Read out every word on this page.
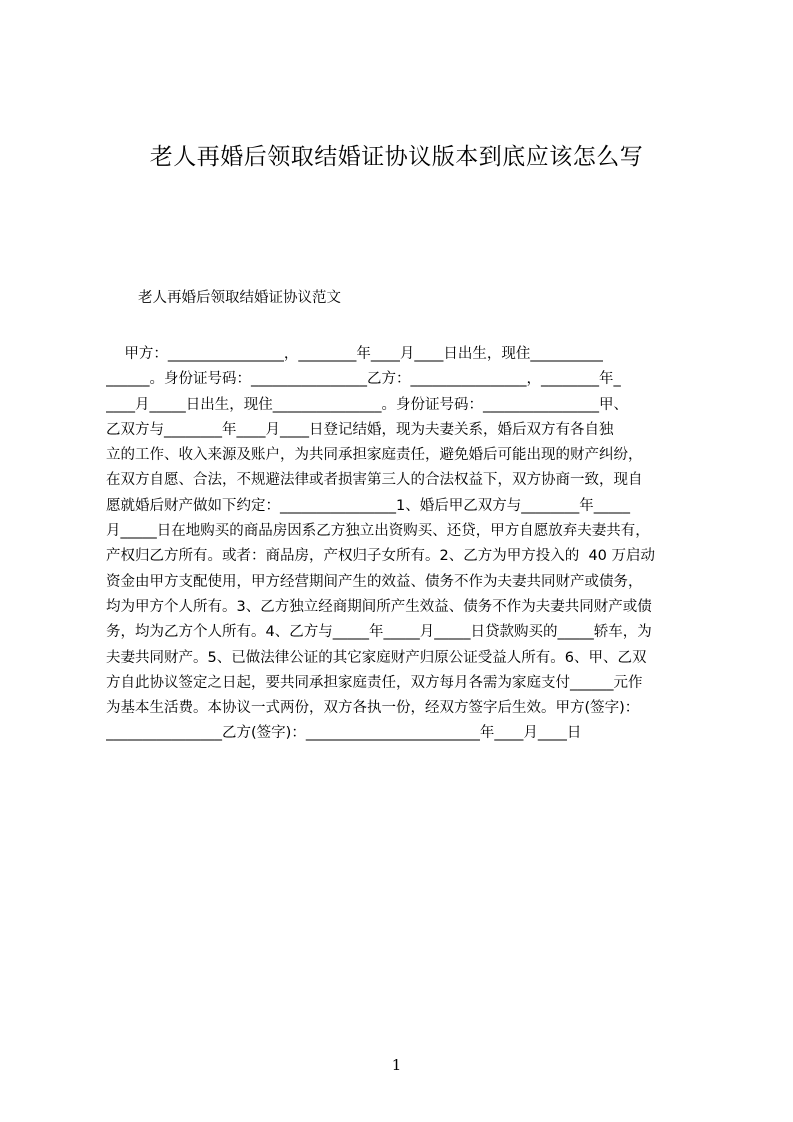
老人再婚后领取结婚证协议版本到底应该怎么写
老人再婚后领取结婚证协议范文
甲方：________________，________年____月____日出生，现住__________
______。身份证号码：________________乙方：________________，________年_
____月_____日出生，现住_______________。身份证号码：________________甲、
乙双方与________年____月____日登记结婚，现为夫妻关系，婚后双方有各自独
立的工作、收入来源及账户，为共同承担家庭责任，避免婚后可能出现的财产纠纷，
在双方自愿、合法，不规避法律或者损害第三人的合法权益下，双方协商一致，现自
愿就婚后财产做如下约定：________________1、婚后甲乙双方与________年_____
月_____日在地购买的商品房因系乙方独立出资购买、还贷，甲方自愿放弃夫妻共有，
产权归乙方所有。或者：商品房，产权归子女所有。2、乙方为甲方投入的  40 万启动
资金由甲方支配使用，甲方经营期间产生的效益、债务不作为夫妻共同财产或债务，
均为甲方个人所有。3、乙方独立经商期间所产生效益、债务不作为夫妻共同财产或债
务，均为乙方个人所有。4、乙方与_____年_____月_____日贷款购买的_____轿车，为
夫妻共同财产。5、已做法律公证的其它家庭财产归原公证受益人所有。6、甲、乙双
方自此协议签定之日起，要共同承担家庭责任，双方每月各需为家庭支付______元作
为基本生活费。本协议一式两份，双方各执一份，经双方签字后生效。甲方(签字)：
________________乙方(签字)：________________________年____月____日
1
